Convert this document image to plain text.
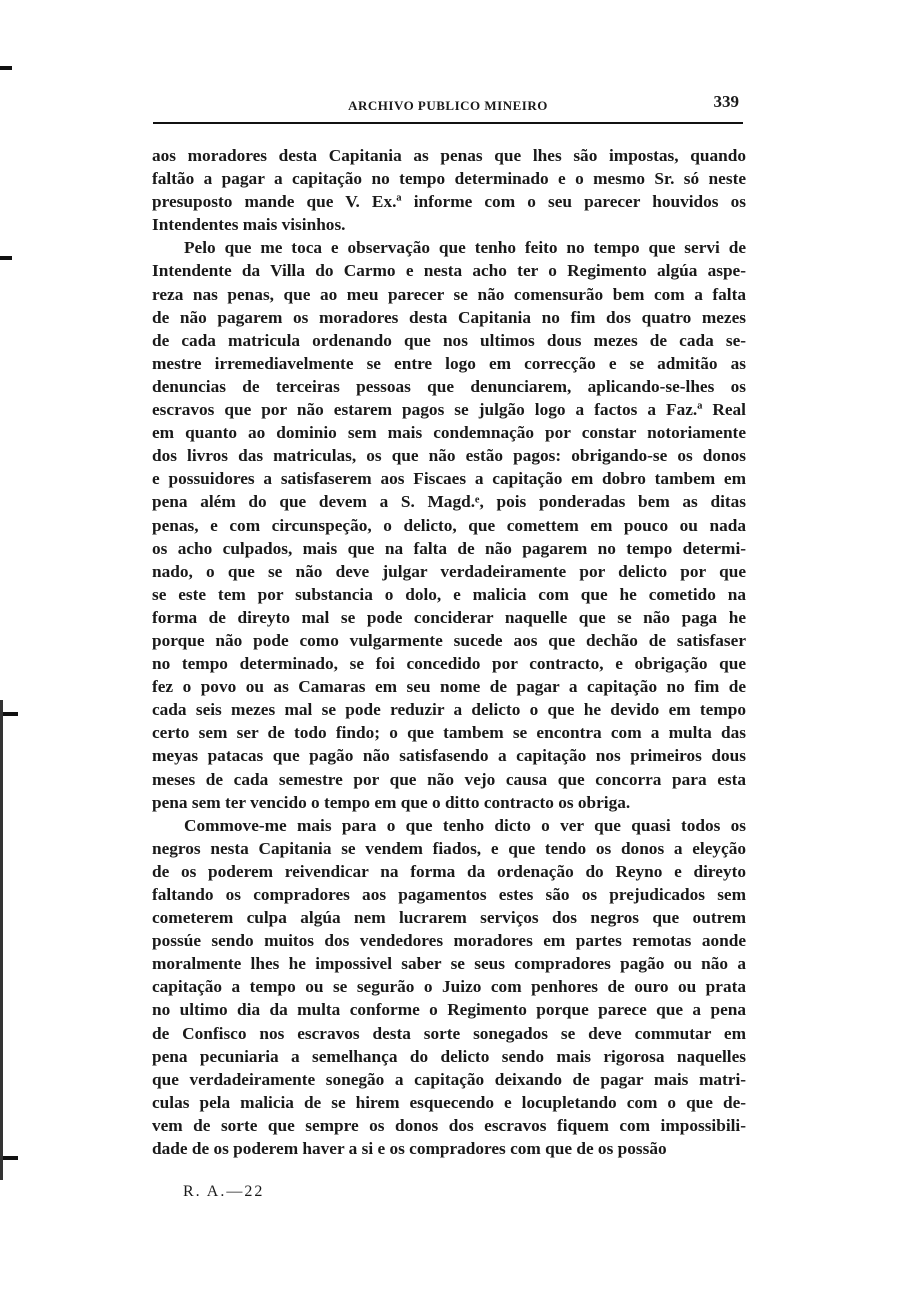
ARCHIVO PUBLICO MINEIRO	339

aos moradores desta Capitania as penas que lhes são impostas, quando
faltão a pagar a capitação no tempo determinado e o mesmo Sr. só neste
presuposto mande que V. Ex.ª informe com o seu parecer houvidos os
Intendentes mais visinhos.

Pelo que me toca e observação que tenho feito no tempo que servi de
Intendente da Villa do Carmo e nesta acho ter o Regimento algúa aspe-
reza nas penas, que ao meu parecer se não comensurão bem com a falta
de não pagarem os moradores desta Capitania no fim dos quatro mezes
de cada matricula ordenando que nos ultimos dous mezes de cada se-
mestre irremediavelmente se entre logo em correcção e se admitão as
denuncias de terceiras pessoas que denunciarem, aplicando-se-lhes os
escravos que por não estarem pagos se julgão logo a factos a Faz.ª Real
em quanto ao dominio sem mais condemnação por constar notoriamente
dos livros das matriculas, os que não estão pagos: obrigando-se os donos
e possuidores a satisfaserem aos Fiscaes a capitação em dobro tambem em
pena além do que devem a S. Magd.ᵉ, pois ponderadas bem as ditas
penas, e com circunspeção, o delicto, que comettem em pouco ou nada
os acho culpados, mais que na falta de não pagarem no tempo determi-
nado, o que se não deve julgar verdadeiramente por delicto por que
se este tem por substancia o dolo, e malicia com que he cometido na
forma de direyto mal se pode conciderar naquelle que se não paga he
porque não pode como vulgarmente sucede aos que dechão de satisfaser
no tempo determinado, se foi concedido por contracto, e obrigação que
fez o povo ou as Camaras em seu nome de pagar a capitação no fim de
cada seis mezes mal se pode reduzir a delicto o que he devido em tempo
certo sem ser de todo findo; o que tambem se encontra com a multa das
meyas patacas que pagão não satisfasendo a capitação nos primeiros dous
meses de cada semestre por que não vejo causa que concorra para esta
pena sem ter vencido o tempo em que o ditto contracto os obriga.

Commove-me mais para o que tenho dicto o ver que quasi todos os
negros nesta Capitania se vendem fiados, e que tendo os donos a eleyção
de os poderem reivendicar na forma da ordenação do Reyno e direyto
faltando os compradores aos pagamentos estes são os prejudicados sem
cometerem culpa algúa nem lucrarem serviços dos negros que outrem
possúe sendo muitos dos vendedores moradores em partes remotas aonde
moralmente lhes he impossivel saber se seus compradores pagão ou não a
capitação a tempo ou se segurão o Juizo com penhores de ouro ou prata
no ultimo dia da multa conforme o Regimento porque parece que a pena
de Confisco nos escravos desta sorte sonegados se deve commutar em
pena pecuniaria a semelhança do delicto sendo mais rigorosa naquelles
que verdadeiramente sonegão a capitação deixando de pagar mais matri-
culas pela malicia de se hirem esquecendo e locupletando com o que de-
vem de sorte que sempre os donos dos escravos fiquem com impossibili-
dade de os poderem haver a si e os compradores com que de os possão

R. A.—22
